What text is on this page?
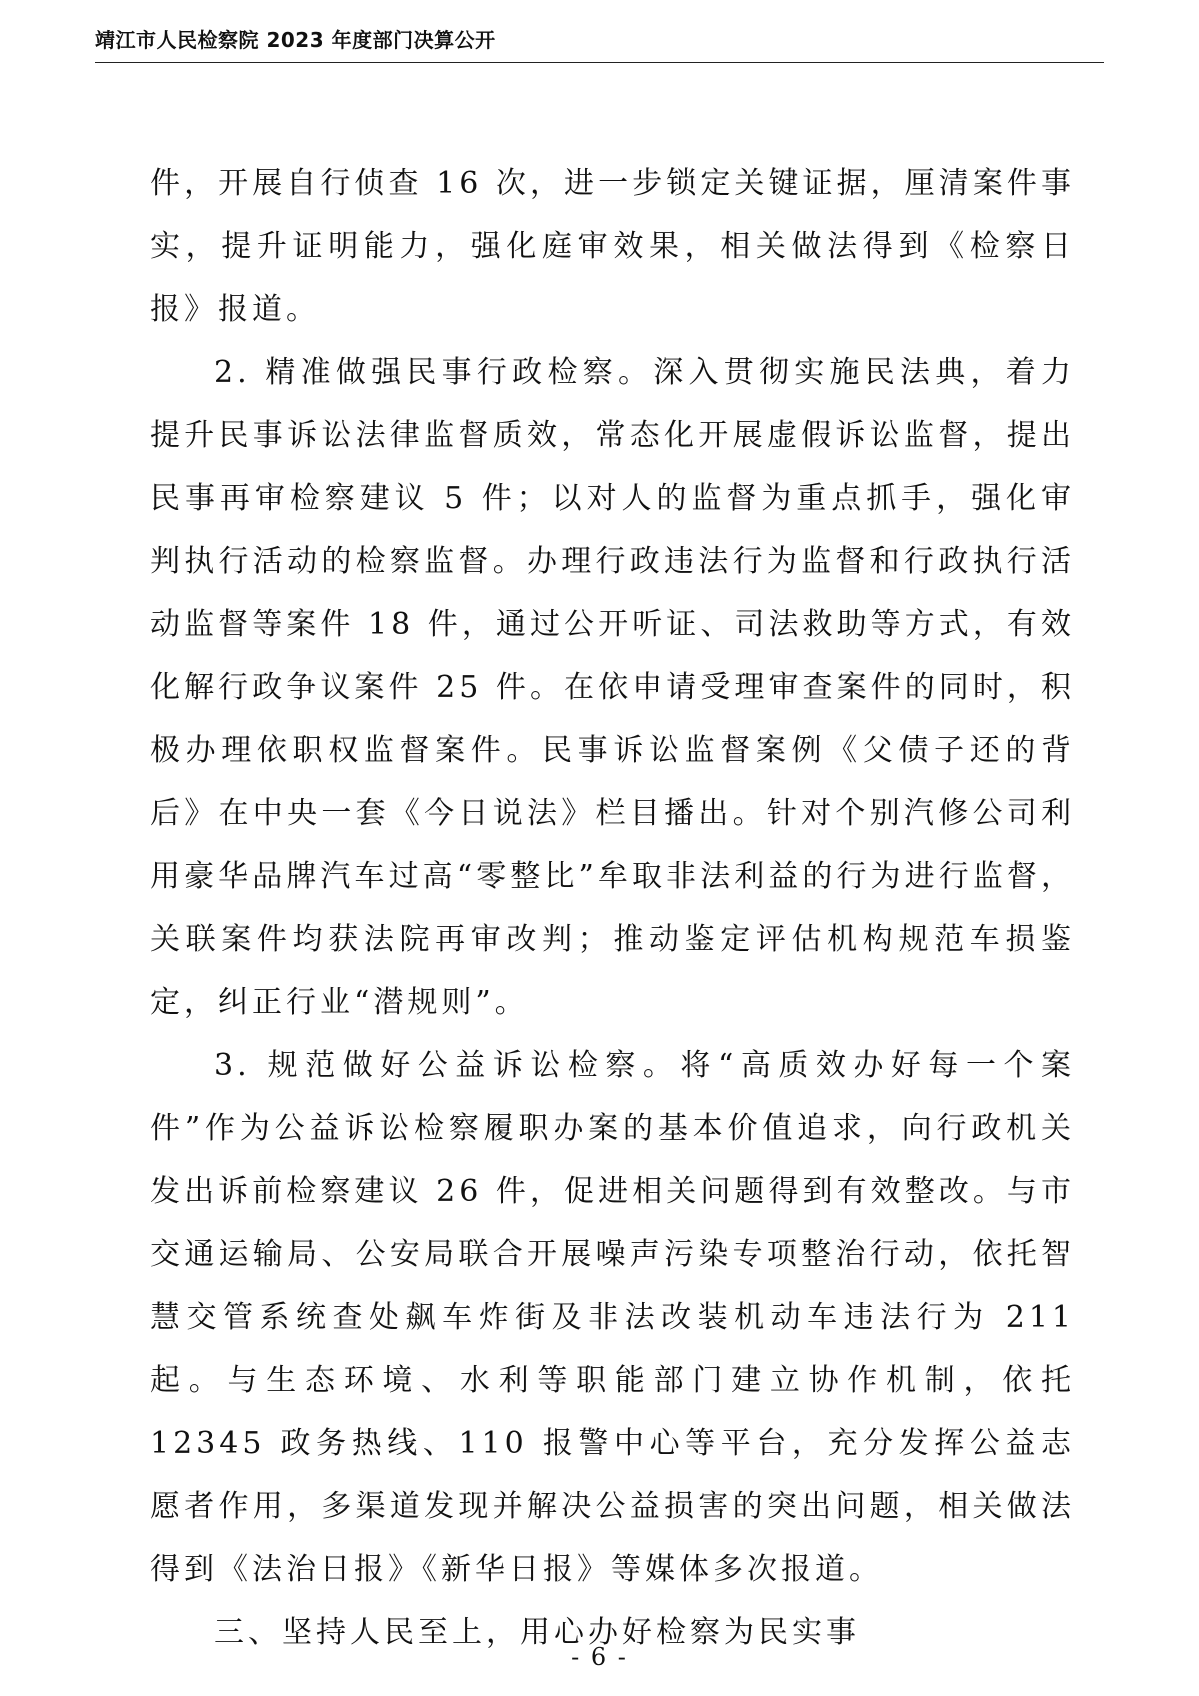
靖江市人民检察院 2023 年度部门决算公开

件，开展自行侦查 16 次，进一步锁定关键证据，厘清案件事实，提升证明能力，强化庭审效果，相关做法得到《检察日报》报道。

2. 精准做强民事行政检察。深入贯彻实施民法典，着力提升民事诉讼法律监督质效，常态化开展虚假诉讼监督，提出民事再审检察建议 5 件；以对人的监督为重点抓手，强化审判执行活动的检察监督。办理行政违法行为监督和行政执行活动监督等案件 18 件，通过公开听证、司法救助等方式，有效化解行政争议案件 25 件。在依申请受理审查案件的同时，积极办理依职权监督案件。民事诉讼监督案例《父债子还的背后》在中央一套《今日说法》栏目播出。针对个别汽修公司利用豪华品牌汽车过高“零整比”牟取非法利益的行为进行监督，关联案件均获法院再审改判；推动鉴定评估机构规范车损鉴定，纠正行业“潜规则”。

3. 规范做好公益诉讼检察。将“高质效办好每一个案件”作为公益诉讼检察履职办案的基本价值追求，向行政机关发出诉前检察建议 26 件，促进相关问题得到有效整改。与市交通运输局、公安局联合开展噪声污染专项整治行动，依托智慧交管系统查处飙车炸街及非法改装机动车违法行为 211 起。与生态环境、水利等职能部门建立协作机制，依托 12345 政务热线、110 报警中心等平台，充分发挥公益志愿者作用，多渠道发现并解决公益损害的突出问题，相关做法得到《法治日报》《新华日报》等媒体多次报道。

三、坚持人民至上，用心办好检察为民实事

- 6 -
